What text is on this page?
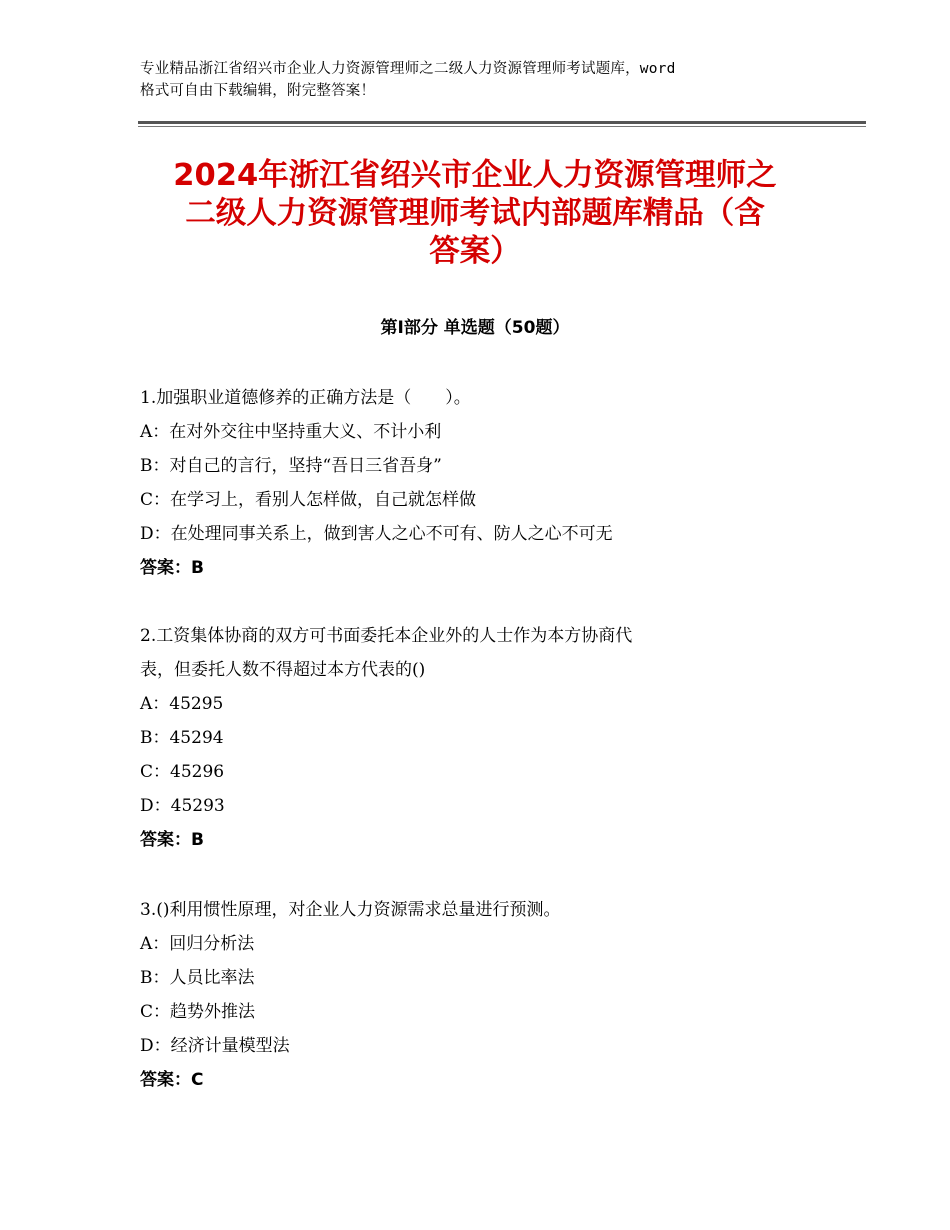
专业精品浙江省绍兴市企业人力资源管理师之二级人力资源管理师考试题库，word
格式可自由下载编辑，附完整答案！
2024年浙江省绍兴市企业人力资源管理师之
二级人力资源管理师考试内部题库精品（含
答案）
第Ⅰ部分 单选题（50题）
1.加强职业道德修养的正确方法是（　　）。
A：在对外交往中坚持重大义、不计小利
B：对自己的言行，坚持“吾日三省吾身”
C：在学习上，看别人怎样做，自己就怎样做
D：在处理同事关系上，做到害人之心不可有、防人之心不可无
答案：B
2.工资集体协商的双方可书面委托本企业外的人士作为本方协商代
表，但委托人数不得超过本方代表的()
A：45295
B：45294
C：45296
D：45293
答案：B
3.()利用惯性原理，对企业人力资源需求总量进行预测。
A：回归分析法
B：人员比率法
C：趋势外推法
D：经济计量模型法
答案：C
